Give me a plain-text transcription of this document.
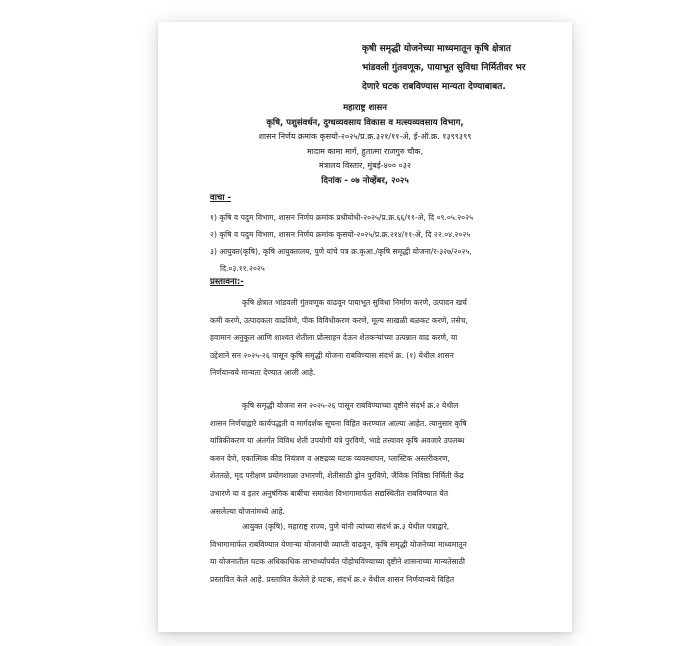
कृषी समृद्धी योजनेच्या माध्यमातून कृषि क्षेत्रात
भांडवली गुंतवणूक, पायाभूत सुविधा निर्मितीवर भर
देणारे घटक राबविण्यास मान्यता देण्याबाबत.
महाराष्ट्र शासन
कृषि, पशुसंवर्धन, दुग्धव्यवसाय विकास व मत्स्यव्यवसाय विभाग,
शासन निर्णय क्रमांक कृसयो-२०२५/प्र.क्र.३२१/११-अे, ई-ऑ.क्र. १३९९३९९
मादाम कामा मार्ग, हुतात्मा राजगुरु चौक,
मंत्रालय विस्तार, मुंबई-४०० ०३२
दिनांक - ०७ नोव्हेंबर, २०२५
वाचा -
१) कृषि व पदुम विभाग, शासन निर्णय क्रमांक प्रधीयोधी-२०२५/प्र.क्र.६६/११-अे, दि ०९.०५.२०२५
२) कृषि व पदुम विभाग, शासन निर्णय क्रमांक कृसयो-२०२५/प्र.क्र.२१४/११-अे, दि २२.०४.२०२५
३) आयुक्त(कृषि), कृषि आयुक्तालय, पुणे यांचे पत्र क्र.कृआ./कृषि समृद्धी योजना/र-३२७/२०२५,
दि.०३.११.२०२५
प्रस्तावना:-
कृषि क्षेत्रात भांडवली गुंतवणूक वाढवून पायाभूत सुविधा निर्माण करणे, उत्पादन खर्च
कमी करणे, उत्पादकता वाढविणे, पीक विविधीकरण करणे, मूल्य साखळी बळकट करणे, तसेच,
हवामान अनुकूल आणि शाश्वत शेतीला प्रोत्साहन देऊन शेतकऱ्यांच्या उत्पन्नात वाढ करणे, या
उद्देशाने सन २०२५-२६ पासून कृषि समृद्धी योजना राबविण्यास संदर्भ क्र. (१) येथील शासन
निर्णयान्वये मान्यता देण्यात आली आहे.
कृषि समृद्धी योजना सन २०२५-२६ पासून राबविण्याच्या दृष्टीने संदर्भ क्र.२ येथील
शासन निर्णयाद्वारे कार्यपद्धती व मार्गदर्शक सूचना विहित करण्यात आल्या आहेत. त्यानुसार कृषि
यांत्रिकीकरण या अंतर्गत विविध शेती उपयोगी यंत्रे पुरविणे, भाडे तत्त्वावर कृषि अवजारे उपलब्ध
करुन देणे, एकात्मिक कीड नियंत्रण व अष्टद्रव्य घटक व्यवस्थापन, प्लास्टिक अस्तरीकरण,
शेततळे, मृद परीक्षण प्रयोगशाळा उभारणी, शेतीसाठी ड्रोन पुरविणे, जैविक निविष्ठा निर्मिती केंद्र
उभारणे या व इतर अनुषंगिक बाबींचा समावेश विभागामार्फत सद्यस्थितीत राबविण्यात येत
असलेल्या योजनांमध्ये आहे.
आयुक्त (कृषि), महाराष्ट्र राज्य, पुणे यांनी त्यांच्या संदर्भ क्र.३ येथील पत्राद्वारे,
विभागामार्फत राबविण्यात येणाऱ्या योजनांची व्याप्ती वाढवून, कृषि समृद्धी योजनेच्या माध्यमातून
या योजनातील घटक अधिकाधिक लाभार्थ्यांपर्यंत पोहोचविण्याच्या दृष्टीने शासनाच्या मान्यतेसाठी
प्रस्तावित केले आहे. प्रस्तावित केलेले हे घटक, संदर्भ क्र.२ येथील शासन निर्णयान्वये विहित
